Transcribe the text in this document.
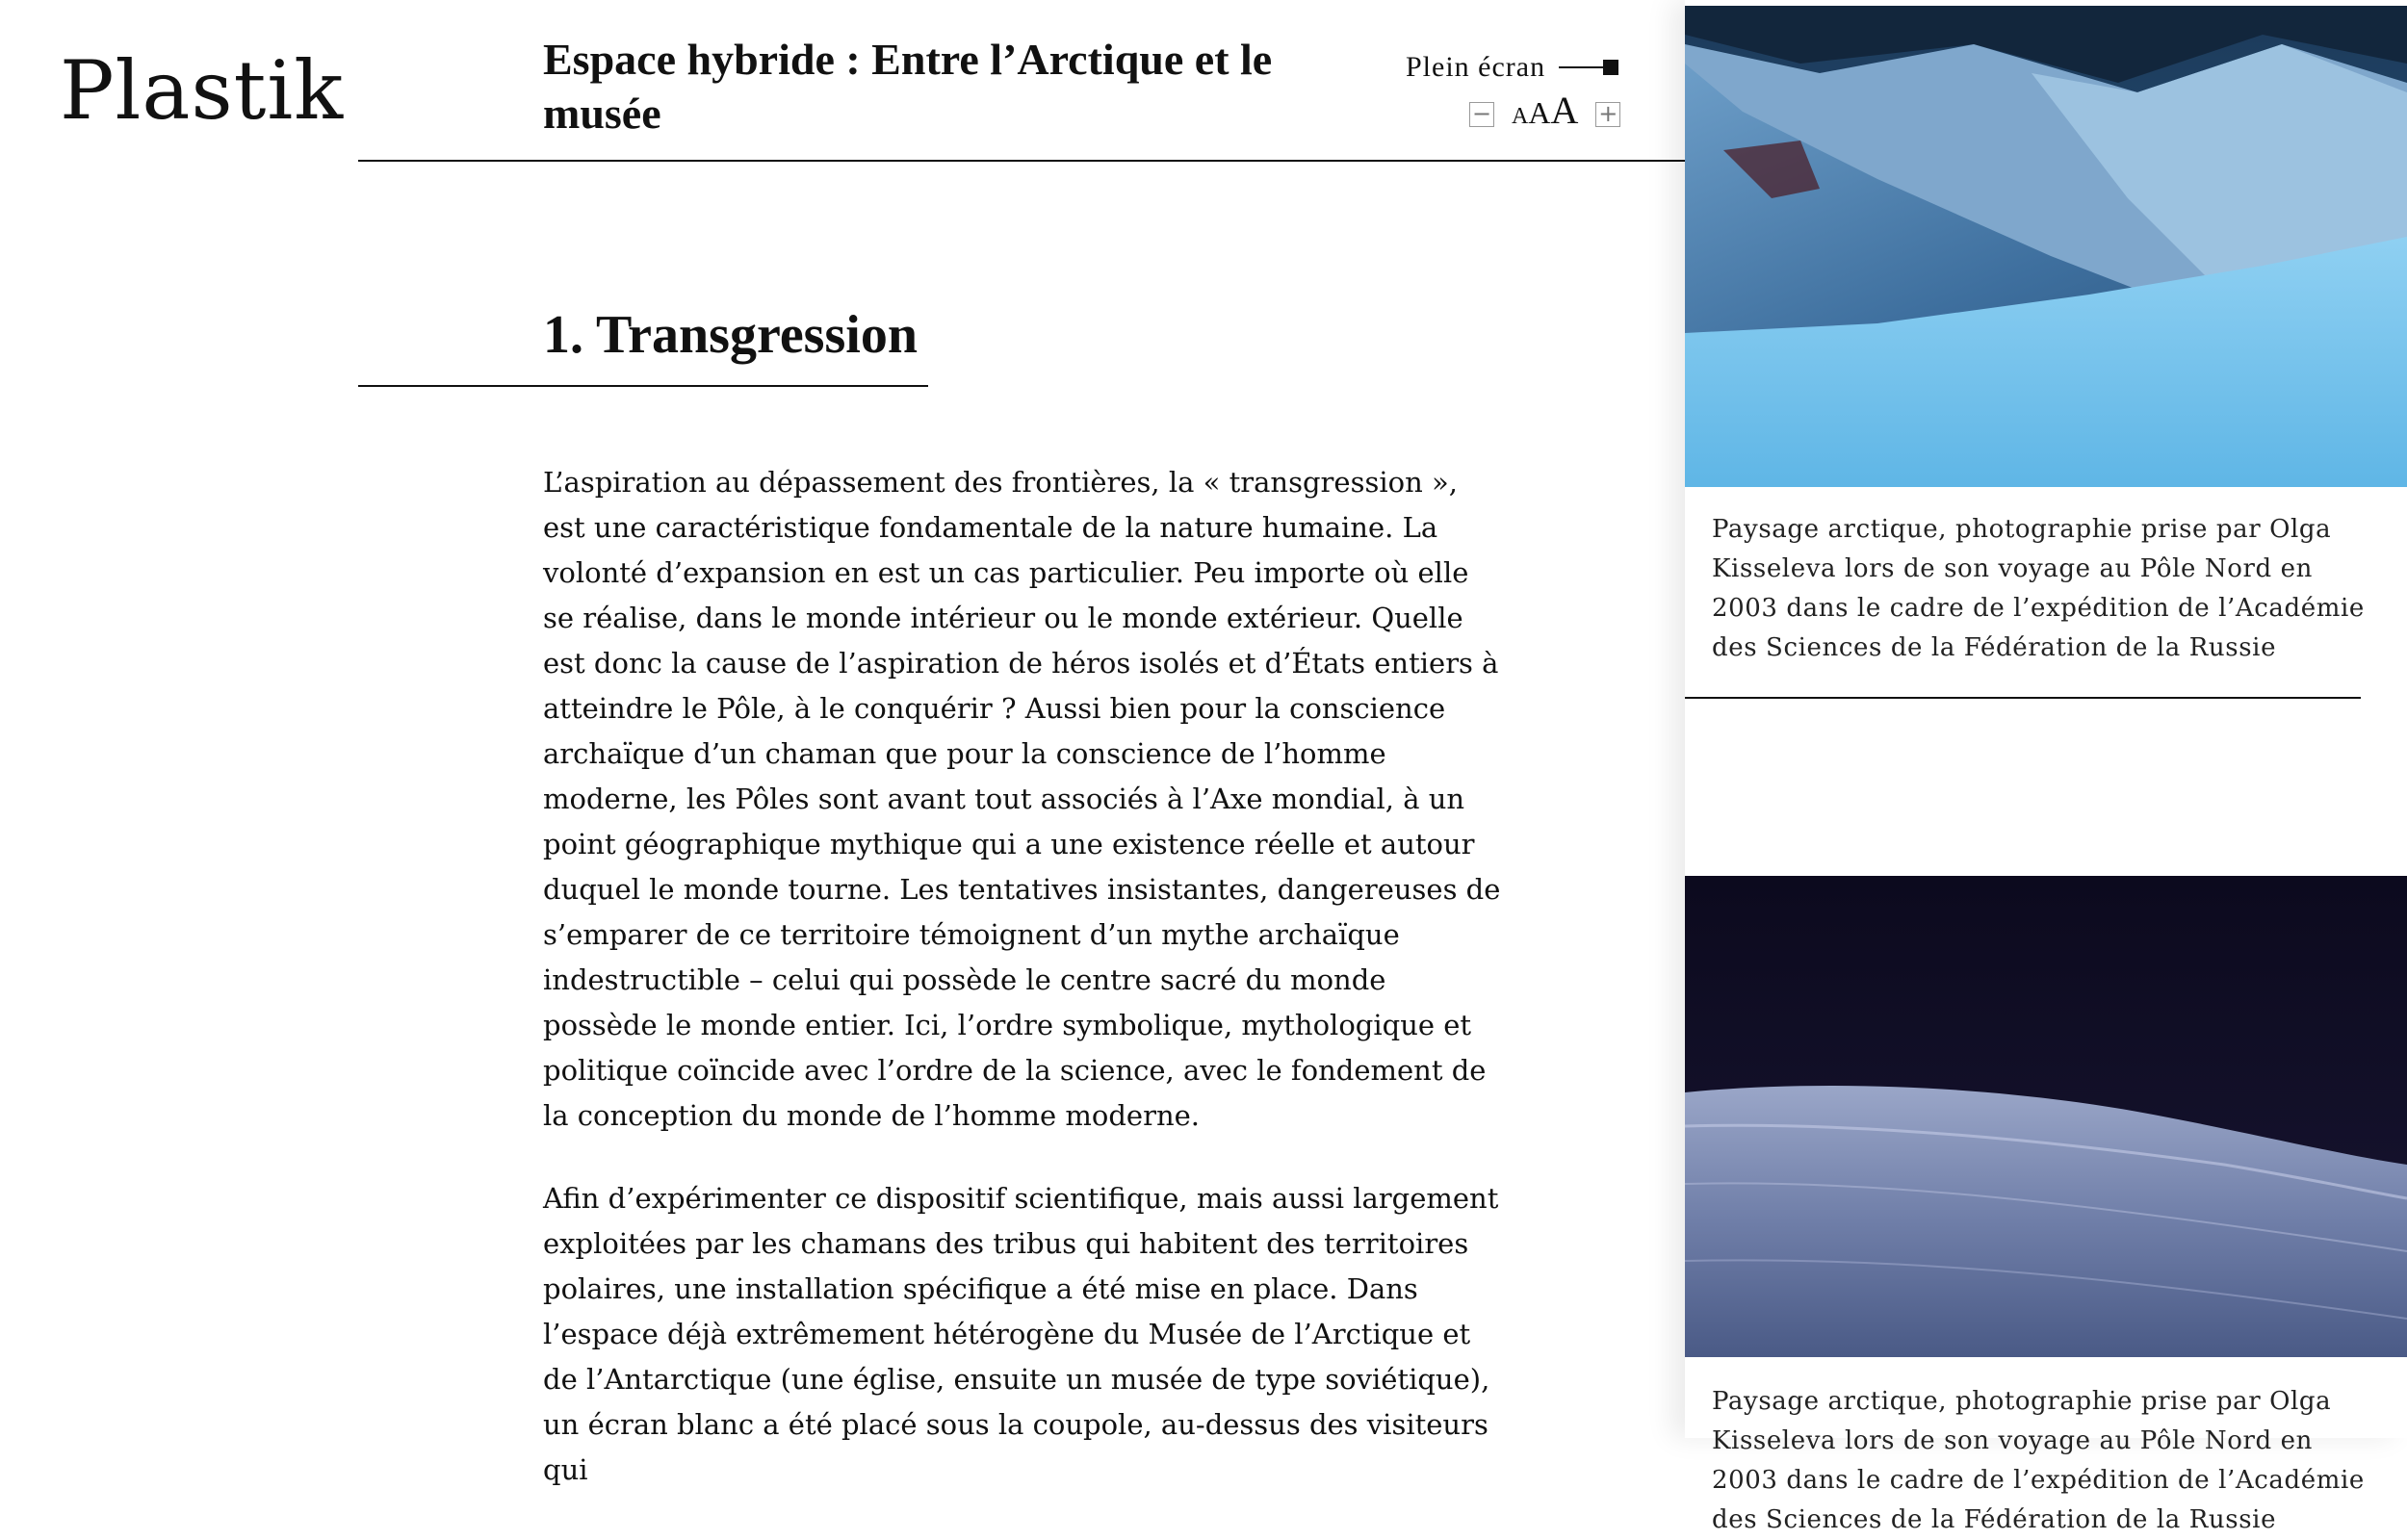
Plastik	Espace hybride : Entre l’Arctique et le musée
Plein écran
− A A A +
1. Transgression

L’aspiration au dépassement des frontières, la « transgression », est une caractéristique fondamentale de la nature humaine. La volonté d’expansion en est un cas particulier. Peu importe où elle se réalise, dans le monde intérieur ou le monde extérieur. Quelle est donc la cause de l’aspiration de héros isolés et d’États entiers à atteindre le Pôle, à le conquérir ? Aussi bien pour la conscience archaïque d’un chaman que pour la conscience de l’homme moderne, les Pôles sont avant tout associés à l’Axe mondial, à un point géographique mythique qui a une existence réelle et autour duquel le monde tourne. Les tentatives insistantes, dangereuses de s’emparer de ce territoire témoignent d’un mythe archaïque indestructible – celui qui possède le centre sacré du monde possède le monde entier. Ici, l’ordre symbolique, mythologique et politique coïncide avec l’ordre de la science, avec le fondement de la conception du monde de l’homme moderne.

Afin d’expérimenter ce dispositif scientifique, mais aussi largement exploitées par les chamans des tribus qui habitent des territoires polaires, une installation spécifique a été mise en place. Dans l’espace déjà extrêmement hétérogène du Musée de l’Arctique et de l’Antarctique (une église, ensuite un musée de type soviétique), un écran blanc a été placé sous la coupole, au-dessus des visiteurs qui

Paysage arctique, photographie prise par Olga Kisseleva lors de son voyage au Pôle Nord en 2003 dans le cadre de l’expédition de l’Académie des Sciences de la Fédération de la Russie
Paysage arctique, photographie prise par Olga Kisseleva lors de son voyage au Pôle Nord en 2003 dans le cadre de l’expédition de l’Académie des Sciences de la Fédération de la Russie
